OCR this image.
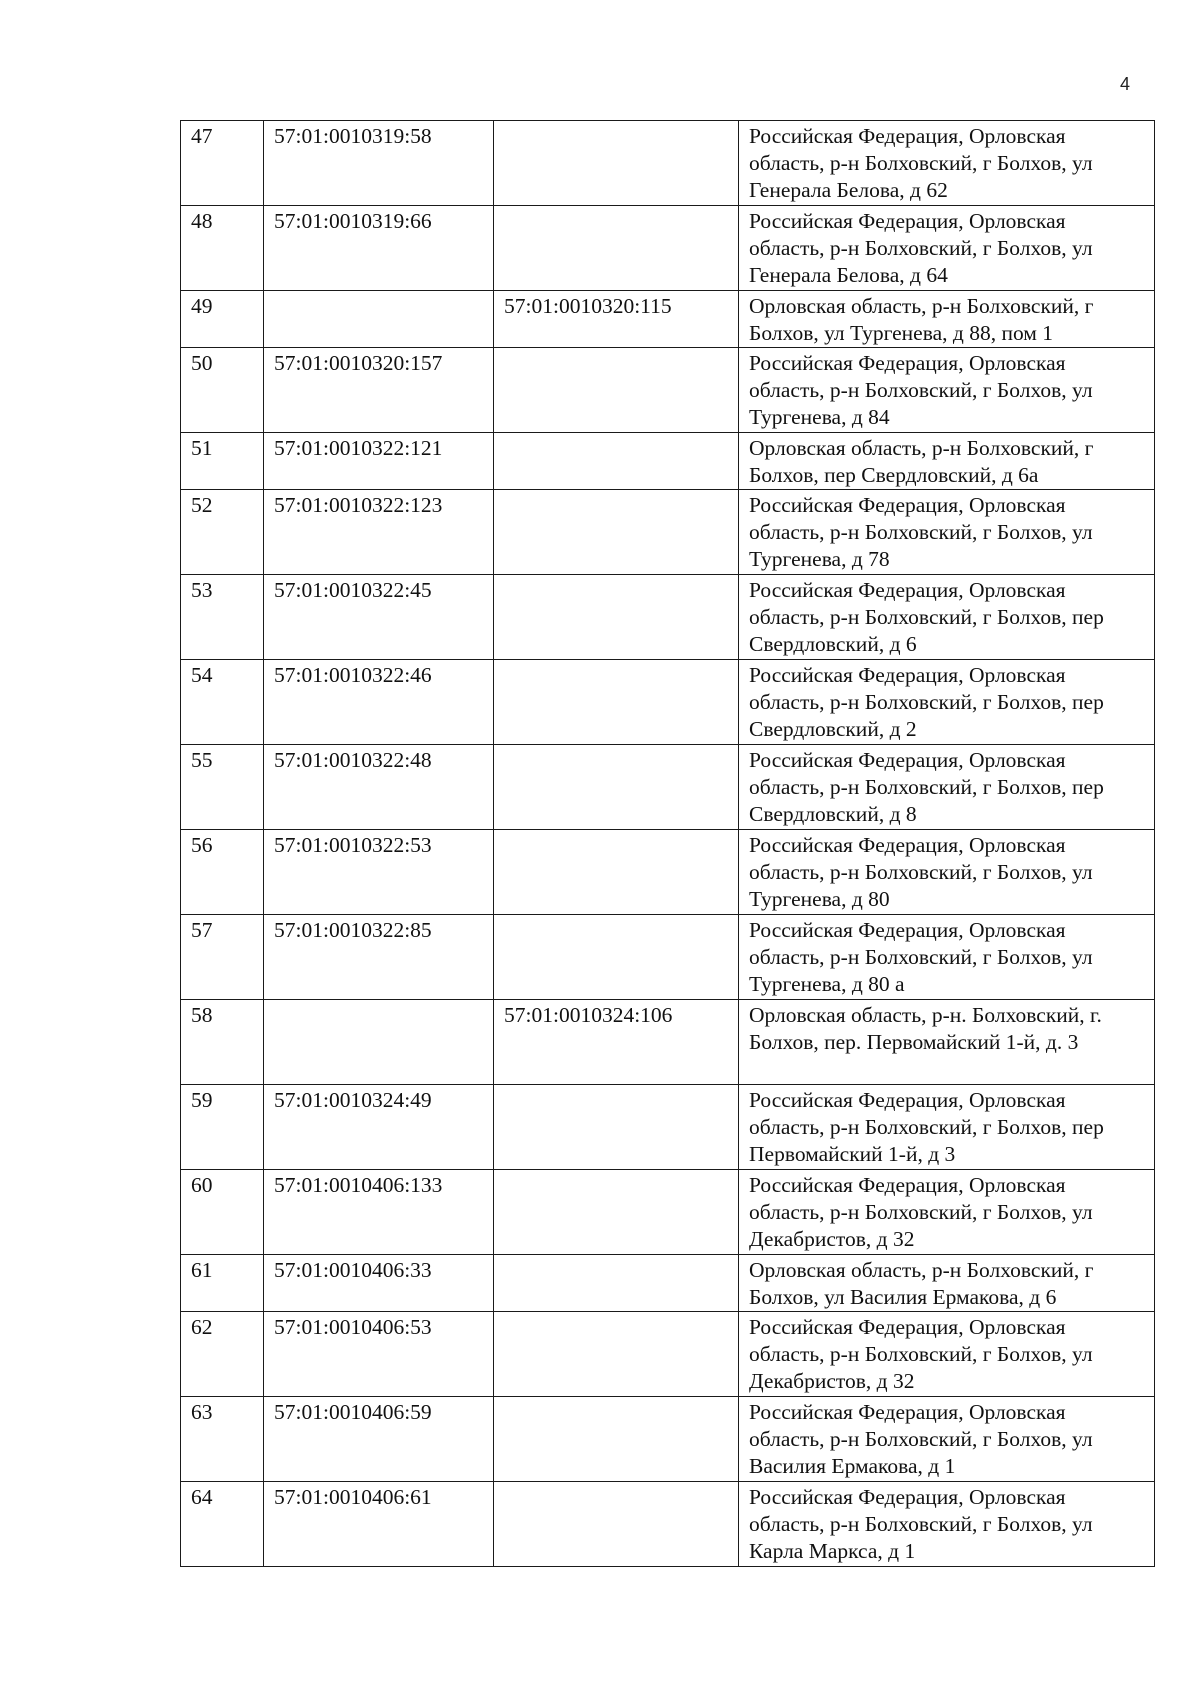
4
47	57:01:0010319:58		Российская Федерация, Орловская область, р-н Болховский, г Болхов, ул Генерала Белова, д 62
48	57:01:0010319:66		Российская Федерация, Орловская область, р-н Болховский, г Болхов, ул Генерала Белова, д 64
49		57:01:0010320:115	Орловская область, р-н Болховский, г Болхов, ул Тургенева, д 88, пом 1
50	57:01:0010320:157		Российская Федерация, Орловская область, р-н Болховский, г Болхов, ул Тургенева, д 84
51	57:01:0010322:121		Орловская область, р-н Болховский, г Болхов, пер Свердловский, д 6а
52	57:01:0010322:123		Российская Федерация, Орловская область, р-н Болховский, г Болхов, ул Тургенева, д 78
53	57:01:0010322:45		Российская Федерация, Орловская область, р-н Болховский, г Болхов, пер Свердловский, д 6
54	57:01:0010322:46		Российская Федерация, Орловская область, р-н Болховский, г Болхов, пер Свердловский, д 2
55	57:01:0010322:48		Российская Федерация, Орловская область, р-н Болховский, г Болхов, пер Свердловский, д 8
56	57:01:0010322:53		Российская Федерация, Орловская область, р-н Болховский, г Болхов, ул Тургенева, д 80
57	57:01:0010322:85		Российская Федерация, Орловская область, р-н Болховский, г Болхов, ул Тургенева, д 80 а
58		57:01:0010324:106	Орловская область, р-н. Болховский, г. Болхов, пер. Первомайский 1-й, д. 3
59	57:01:0010324:49		Российская Федерация, Орловская область, р-н Болховский, г Болхов, пер Первомайский 1-й, д 3
60	57:01:0010406:133		Российская Федерация, Орловская область, р-н Болховский, г Болхов, ул Декабристов, д 32
61	57:01:0010406:33		Орловская область, р-н Болховский, г Болхов, ул Василия Ермакова, д 6
62	57:01:0010406:53		Российская Федерация, Орловская область, р-н Болховский, г Болхов, ул Декабристов, д 32
63	57:01:0010406:59		Российская Федерация, Орловская область, р-н Болховский, г Болхов, ул Василия Ермакова, д 1
64	57:01:0010406:61		Российская Федерация, Орловская область, р-н Болховский, г Болхов, ул Карла Маркса, д 1
